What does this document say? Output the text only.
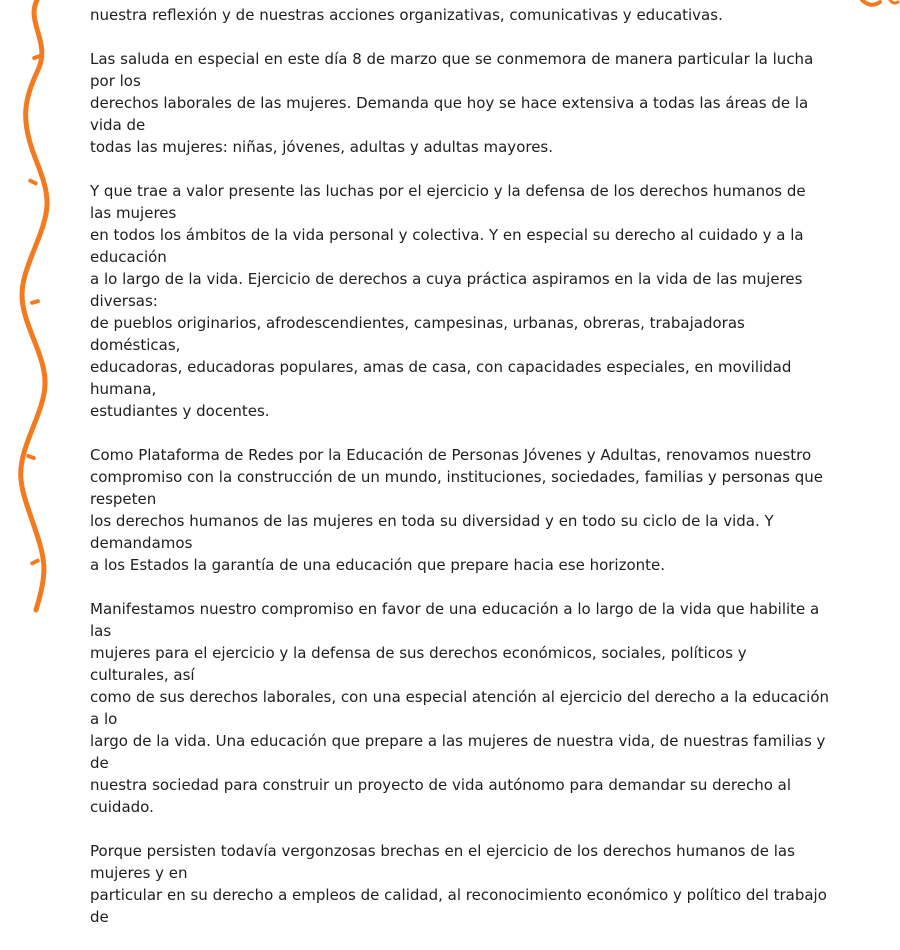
nuestra reflexión y de nuestras acciones organizativas, comunicativas y educativas.

Las saluda en especial en este día 8 de marzo que se conmemora de manera particular la lucha por los
derechos laborales de las mujeres. Demanda que hoy se hace extensiva a todas las áreas de la vida de
todas las mujeres: niñas, jóvenes, adultas y adultas mayores.

Y que trae a valor presente las luchas por el ejercicio y la defensa de los derechos humanos de las mujeres
en todos los ámbitos de la vida personal y colectiva. Y en especial su derecho al cuidado y a la educación
a lo largo de la vida. Ejercicio de derechos a cuya práctica aspiramos en la vida de las mujeres diversas:
de pueblos originarios, afrodescendientes, campesinas, urbanas, obreras, trabajadoras domésticas,
educadoras, educadoras populares, amas de casa, con capacidades especiales, en movilidad humana,
estudiantes y docentes.

Como Plataforma de Redes por la Educación de Personas Jóvenes y Adultas, renovamos nuestro
compromiso con la construcción de un mundo, instituciones, sociedades, familias y personas que respeten
los derechos humanos de las mujeres en toda su diversidad y en todo su ciclo de la vida. Y demandamos
a los Estados la garantía de una educación que prepare hacia ese horizonte.

Manifestamos nuestro compromiso en favor de una educación a lo largo de la vida que habilite a las
mujeres para el ejercicio y la defensa de sus derechos económicos, sociales, políticos y culturales, así
como de sus derechos laborales, con una especial atención al ejercicio del derecho a la educación a lo
largo de la vida. Una educación que prepare a las mujeres de nuestra vida, de nuestras familias y de
nuestra sociedad para construir un proyecto de vida autónomo para demandar su derecho al cuidado.

Porque persisten todavía vergonzosas brechas en el ejercicio de los derechos humanos de las mujeres y en
particular en su derecho a empleos de calidad, al reconocimiento económico y político del trabajo de
